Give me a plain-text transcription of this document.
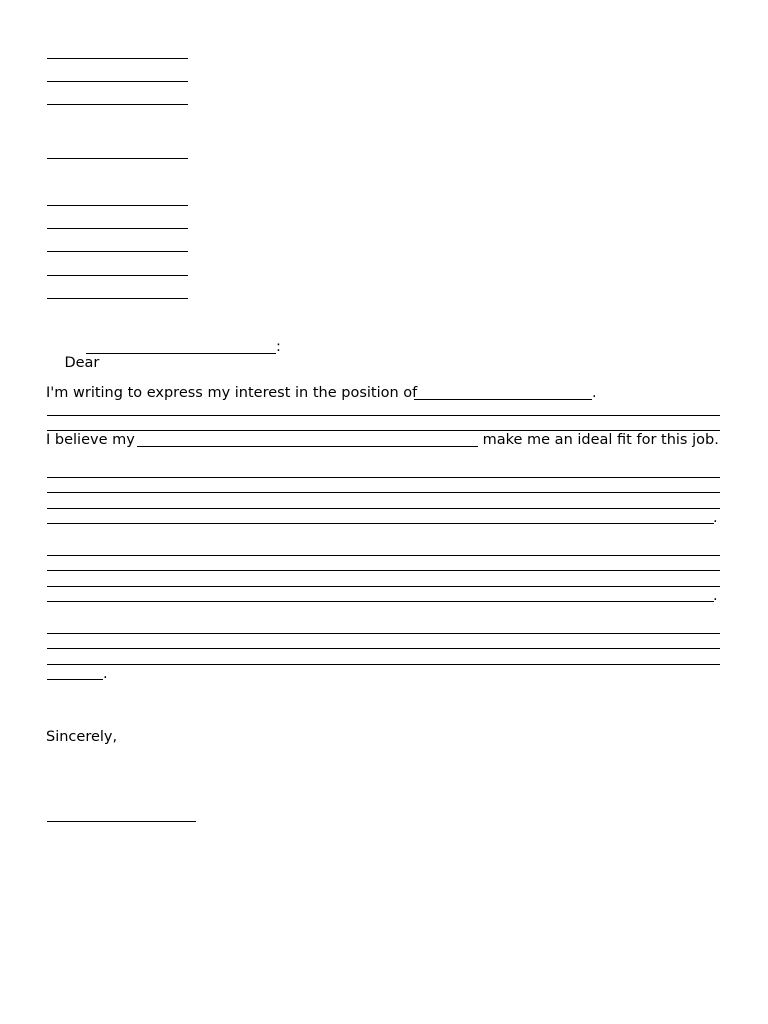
Dear

:
I'm writing to express my interest in the position of	.
I believe my	make me an ideal fit for this job.
.
.
.
Sincerely,
